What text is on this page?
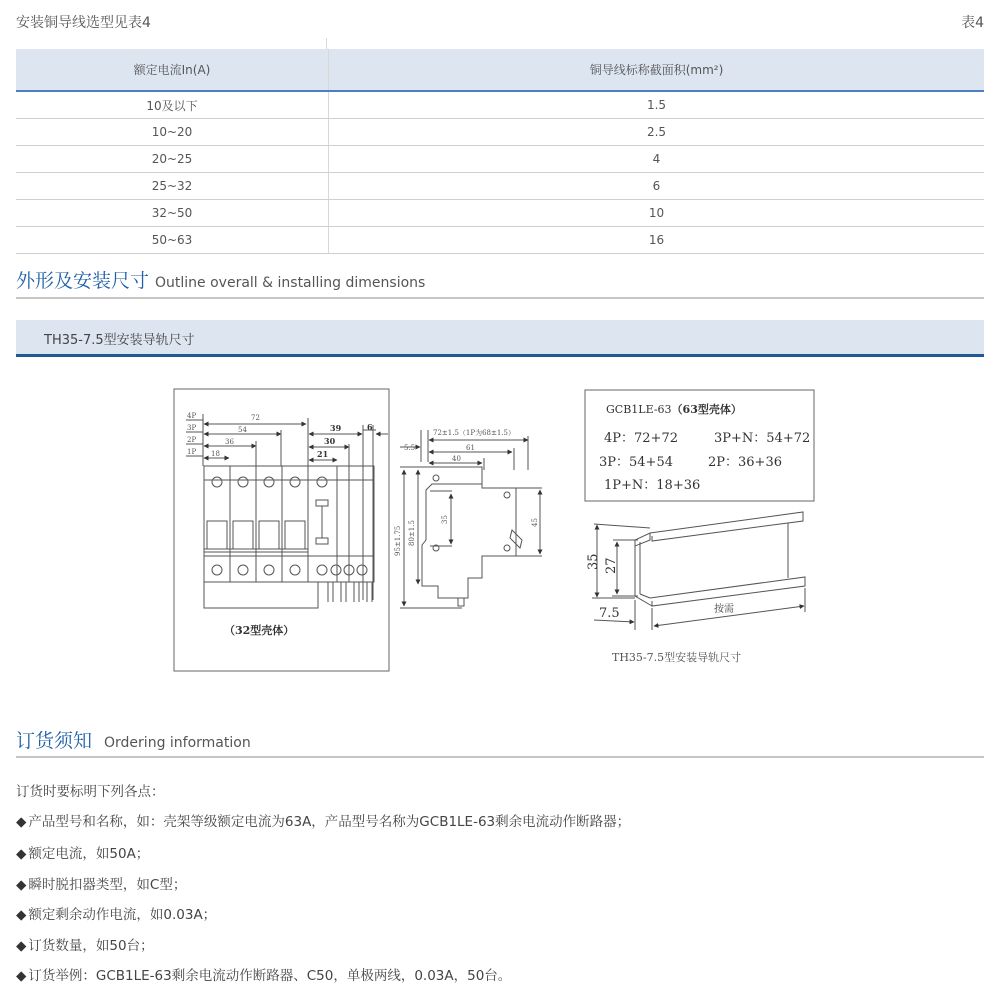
安装铜导线选型见表4	表4
额定电流In(A)	铜导线标称截面积(mm²)
10及以下	1.5
10~20	2.5
20~25	4
25~32	6
32~50	10
50~63	16
外形及安装尺寸 Outline overall & installing dimensions
TH35-7.5型安装导轨尺寸
4P
3P
2P
1P
72
54
36
18
39
30
21
6
（32型壳体）
72±1.5（1P为68±1.5）
5.5	61
40
35	45
80±1.5
95±1.75
GCB1LE-63（63型壳体）
4P：72+72	3P+N：54+72
3P：54+54	2P：36+36
1P+N：18+36
35 27
7.5	按需
TH35-7.5型安装导轨尺寸
订货须知 Ordering information
订货时要标明下列各点：
◆ 产品型号和名称，如：壳架等级额定电流为63A，产品型号名称为GCB1LE-63剩余电流动作断路器；
◆ 额定电流，如50A；
◆ 瞬时脱扣器类型，如C型；
◆ 额定剩余动作电流，如0.03A；
◆ 订货数量，如50台；
◆ 订货举例：GCB1LE-63剩余电流动作断路器、C50，单极两线，0.03A，50台。
